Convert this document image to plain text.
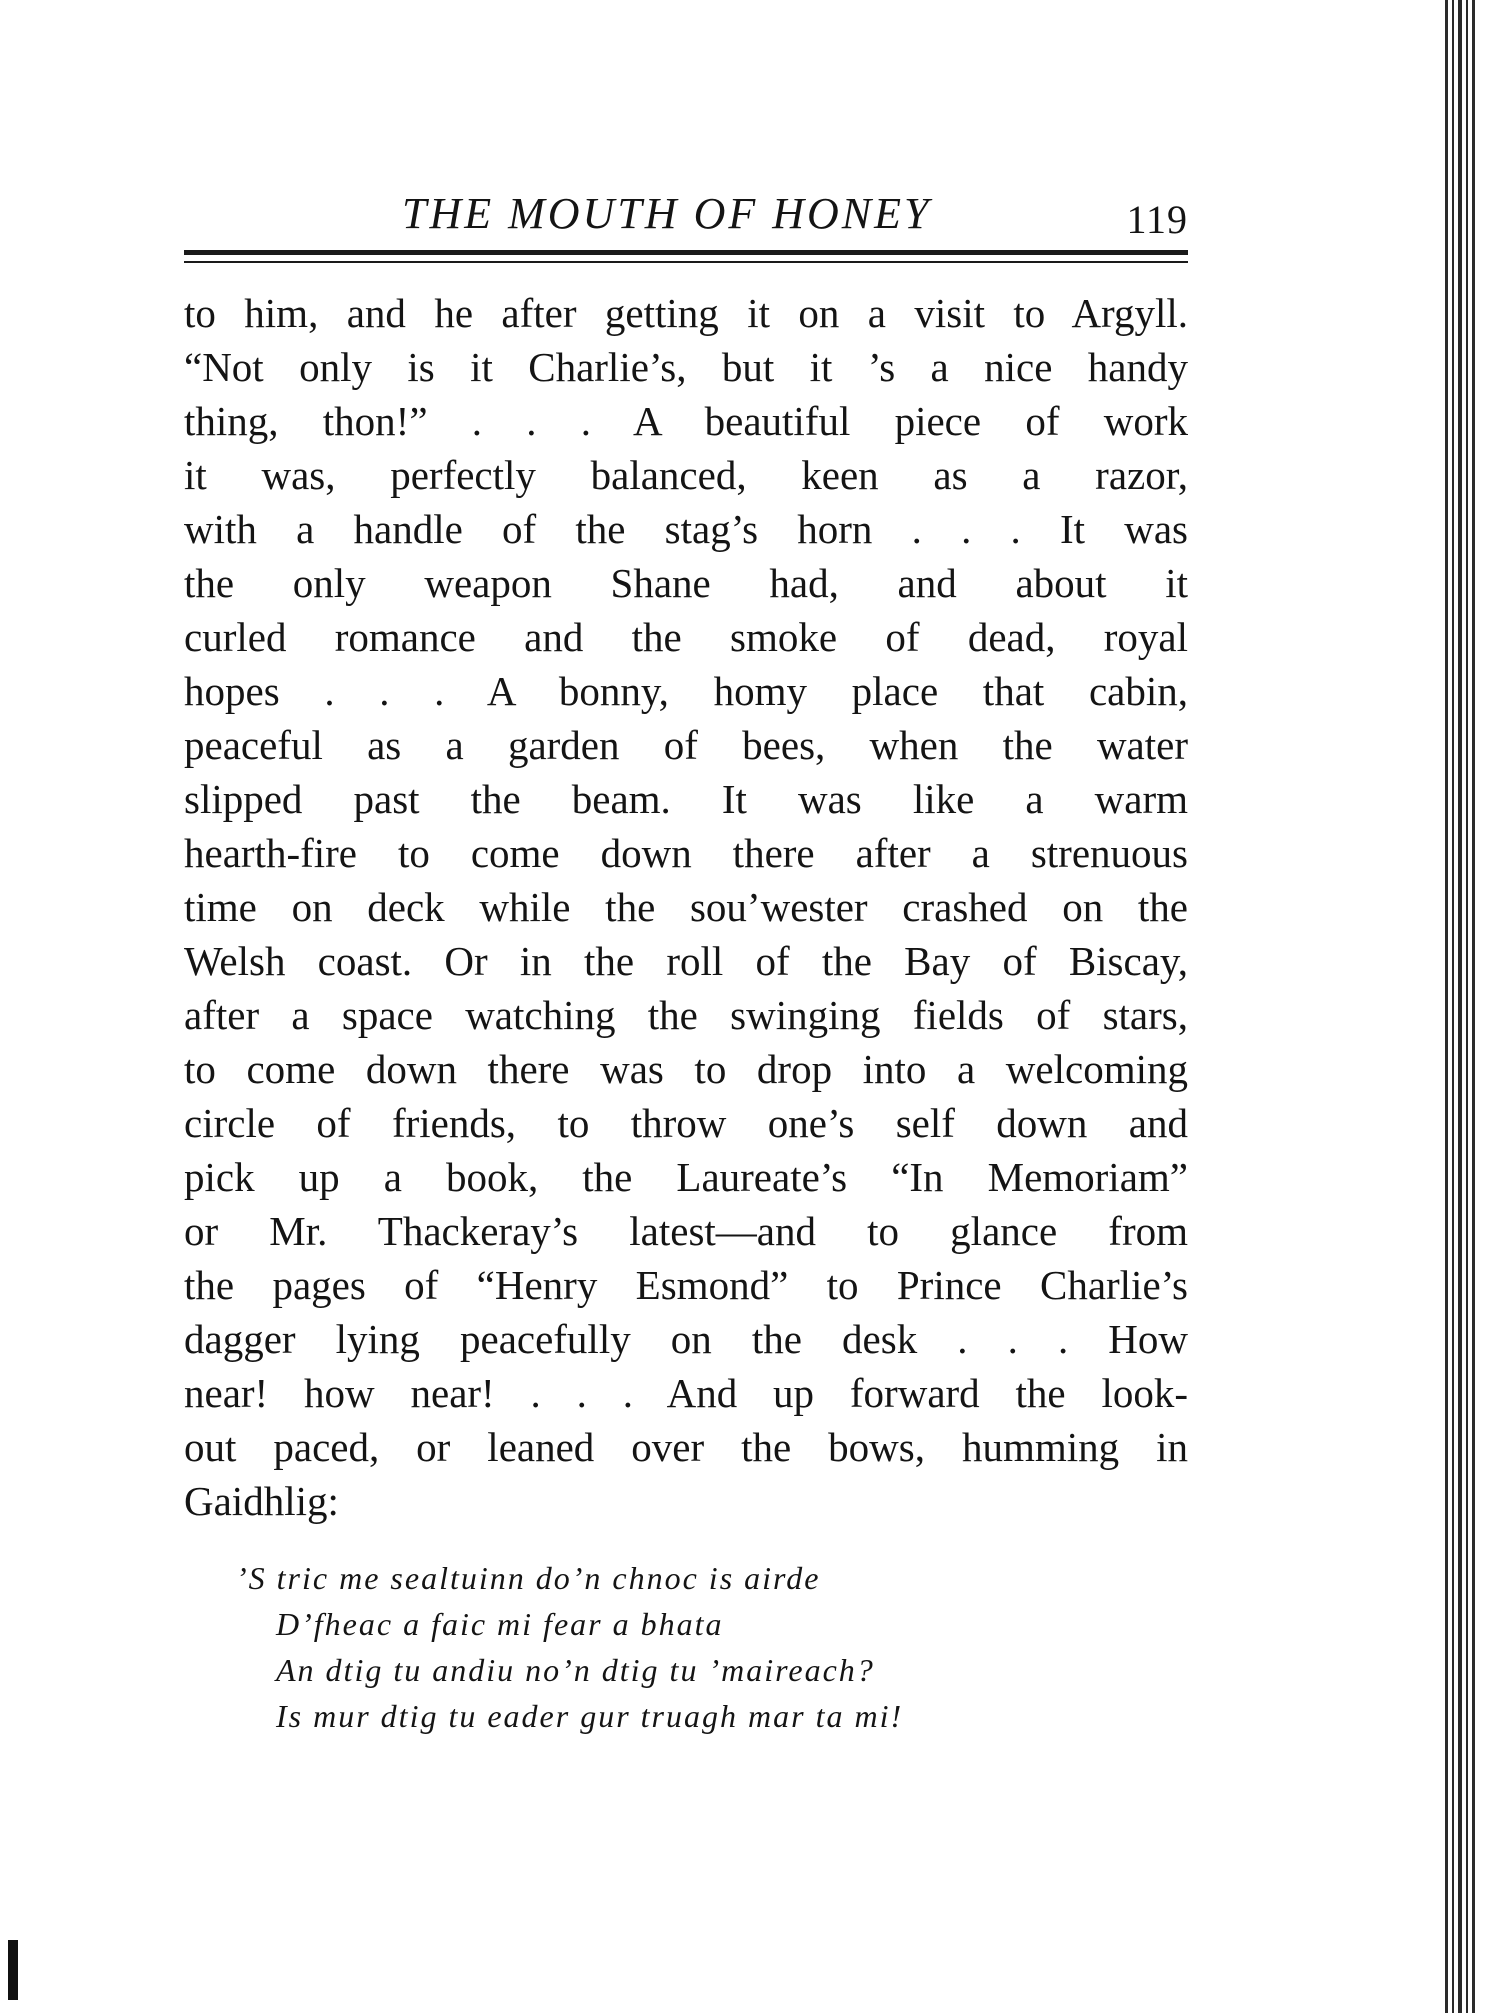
THE MOUTH OF HONEY	119
to him, and he after getting it on a visit to Argyll.
“Not only is it Charlie’s, but it ’s a nice handy
thing, thon!” . . . A beautiful piece of work
it was, perfectly balanced, keen as a razor,
with a handle of the stag’s horn . . . It was
the only weapon Shane had, and about it
curled romance and the smoke of dead, royal
hopes . . . A bonny, homy place that cabin,
peaceful as a garden of bees, when the water
slipped past the beam. It was like a warm
hearth-fire to come down there after a strenuous
time on deck while the sou’wester crashed on the
Welsh coast. Or in the roll of the Bay of Biscay,
after a space watching the swinging fields of stars,
to come down there was to drop into a welcoming
circle of friends, to throw one’s self down and
pick up a book, the Laureate’s “In Memoriam”
or Mr. Thackeray’s latest—and to glance from
the pages of “Henry Esmond” to Prince Charlie’s
dagger lying peacefully on the desk . . . How
near! how near! . . . And up forward the look-
out paced, or leaned over the bows, humming in
Gaidhlig:
’S tric me sealtuinn do’n chnoc is airde
D’fheac a faic mi fear a bhata
An dtig tu andiu no’n dtig tu ’maireach?
Is mur dtig tu eader gur truagh mar ta mi!
